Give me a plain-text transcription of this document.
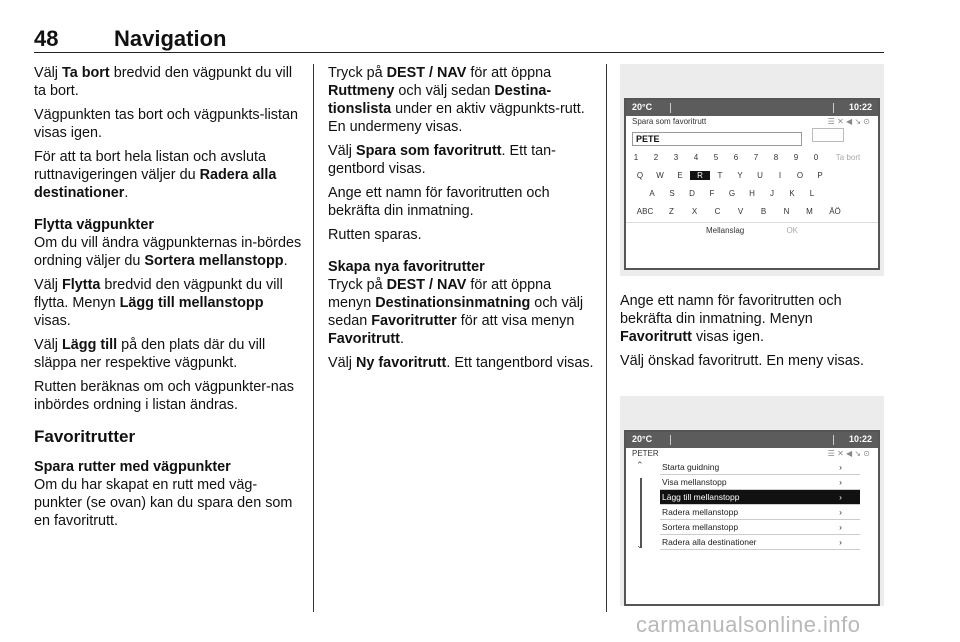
48	Navigation

Välj Ta bort bredvid den vägpunkt du vill ta bort.

Vägpunkten tas bort och vägpunkts-listan visas igen.

För att ta bort hela listan och avsluta ruttnavigeringen väljer du Radera alla destinationer.

Flytta vägpunkter

Om du vill ändra vägpunkternas in-bördes ordning väljer du Sortera mellanstopp.

Välj Flytta bredvid den vägpunkt du vill flytta. Menyn Lägg till mellanstopp visas.

Välj Lägg till på den plats där du vill släppa ner respektive vägpunkt.

Rutten beräknas om och vägpunkter-nas inbördes ordning i listan ändras.

Favoritrutter
Spara rutter med vägpunkter

Om du har skapat en rutt med väg-punkter (se ovan) kan du spara den som en favoritrutt.

Tryck på DEST / NAV för att öppna Ruttmeny och välj sedan Destina-tionslista under en aktiv vägpunkts-rutt. En undermeny visas.

Välj Spara som favoritrutt. Ett tan-gentbord visas.

Ange ett namn för favoritrutten och bekräfta din inmatning.

Rutten sparas.

Skapa nya favoritrutter

Tryck på DEST / NAV för att öppna menyn Destinationsinmatning och välj sedan Favoritrutter för att visa menyn Favoritrutt.

Välj Ny favoritrutt. Ett tangentbord visas.

20°C	10:22
Spara som favoritrutt	☰ ✕ ◀ ↘ ⊙
PETE
1	2	3	4	5	6	7	8	9	0	Ta bort
Q	W	E	R	T	Y	U	I	O	P
A	S	D	F	G	H	J	K	L
ABC	Z	X	C	V	B	N	M	ÄÖ
Mellanslag	OK

Ange ett namn för favoritrutten och bekräfta din inmatning. Menyn Favoritrutt visas igen.

Välj önskad favoritrutt. En meny visas.

20°C	10:22
PETER	☰ ✕ ◀ ↘ ⊙
⌃
⌄
Starta guidning	›
Visa mellanstopp	›
Lägg till mellanstopp	›
Radera mellanstopp	›
Sortera mellanstopp	›
Radera alla destinationer	›
carmanualsonline.info
